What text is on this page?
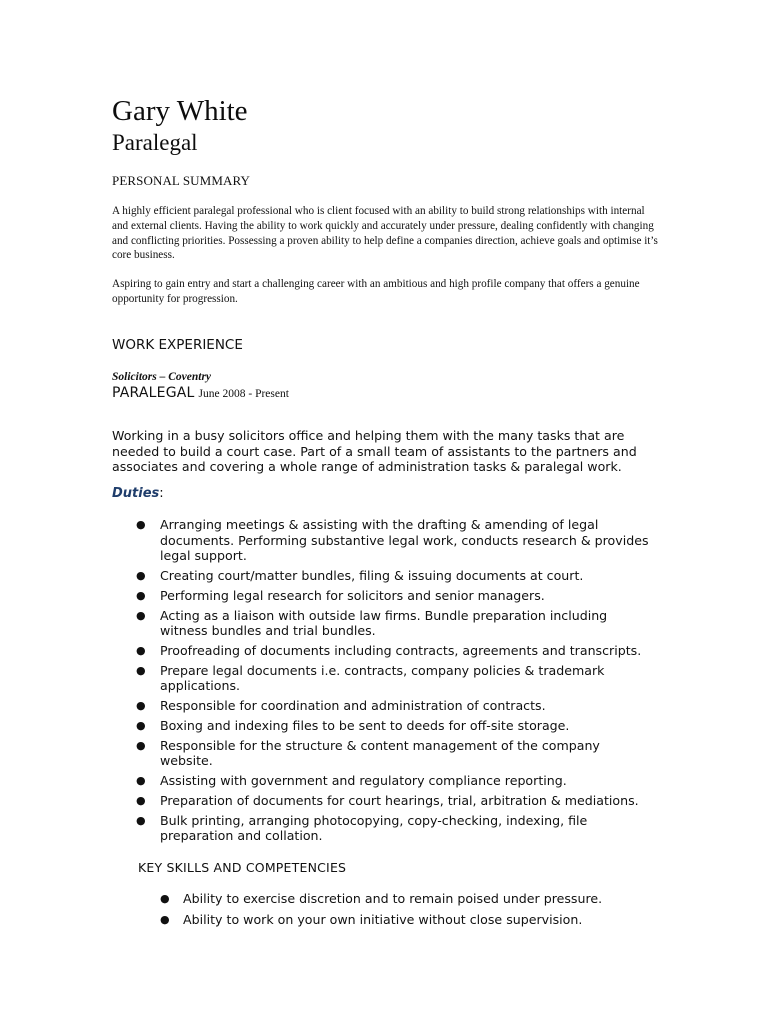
Gary White
Paralegal
PERSONAL SUMMARY

A highly efficient paralegal professional who is client focused with an ability to build strong relationships with internal and external clients. Having the ability to work quickly and accurately under pressure, dealing confidently with changing and conflicting priorities. Possessing a proven ability to help define a companies direction, achieve goals and optimise it’s core business.

Aspiring to gain entry and start a challenging career with an ambitious and high profile company that offers a genuine opportunity for progression.

WORK EXPERIENCE
Solicitors – Coventry
PARALEGAL June 2008 - Present

Working in a busy solicitors office and helping them with the many tasks that are needed to build a court case. Part of a small team of assistants to the partners and associates and covering a whole range of administration tasks & paralegal work.

Duties:
● Arranging meetings & assisting with the drafting & amending of legal documents. Performing substantive legal work, conducts research & provides legal support.
● Creating court/matter bundles, filing & issuing documents at court.
● Performing legal research for solicitors and senior managers.
● Acting as a liaison with outside law firms. Bundle preparation including witness bundles and trial bundles.
● Proofreading of documents including contracts, agreements and transcripts.
● Prepare legal documents i.e. contracts, company policies & trademark applications.
● Responsible for coordination and administration of contracts.
● Boxing and indexing files to be sent to deeds for off-site storage.
● Responsible for the structure & content management of the company website.
● Assisting with government and regulatory compliance reporting.
● Preparation of documents for court hearings, trial, arbitration & mediations.
● Bulk printing, arranging photocopying, copy-checking, indexing, file preparation and collation.
KEY SKILLS AND COMPETENCIES
● Ability to exercise discretion and to remain poised under pressure.
● Ability to work on your own initiative without close supervision.
